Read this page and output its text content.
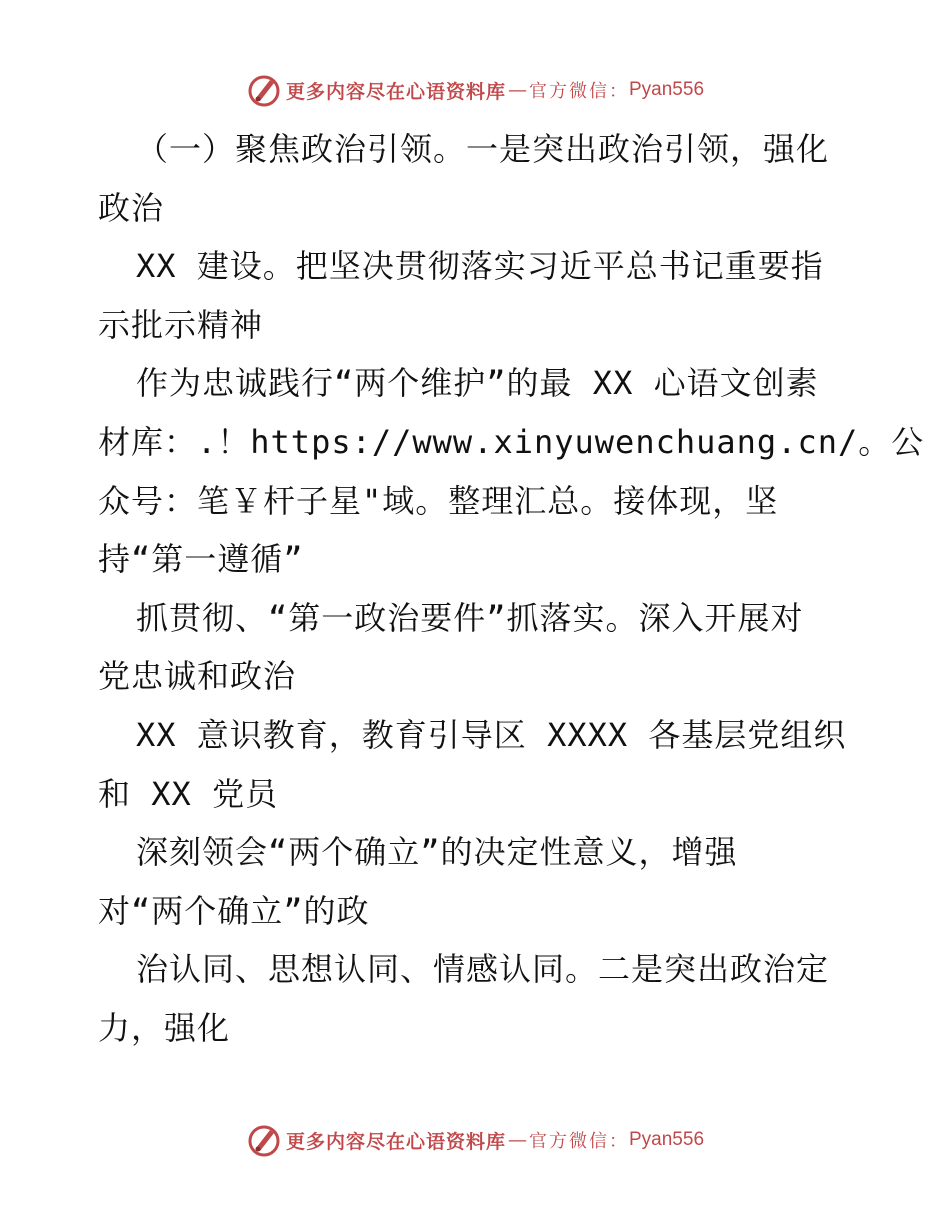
更多内容尽在心语资料库 — 官方微信： Pyan556
（一）聚焦政治引领。一是突出政治引领，强化
政治
XX 建设。把坚决贯彻落实习近平总书记重要指
示批示精神
作为忠诚践行“两个维护”的最 XX 心语文创素
材库：.！https://www.xinyuwenchuang.cn/。公
众号：笔￥杆子星"域。整理汇总。接体现，坚
持“第一遵循”
抓贯彻、“第一政治要件”抓落实。深入开展对
党忠诚和政治
XX 意识教育，教育引导区 XXXX 各基层党组织
和 XX 党员
深刻领会“两个确立”的决定性意义，增强
对“两个确立”的政
治认同、思想认同、情感认同。二是突出政治定
力，强化
更多内容尽在心语资料库 — 官方微信： Pyan556
